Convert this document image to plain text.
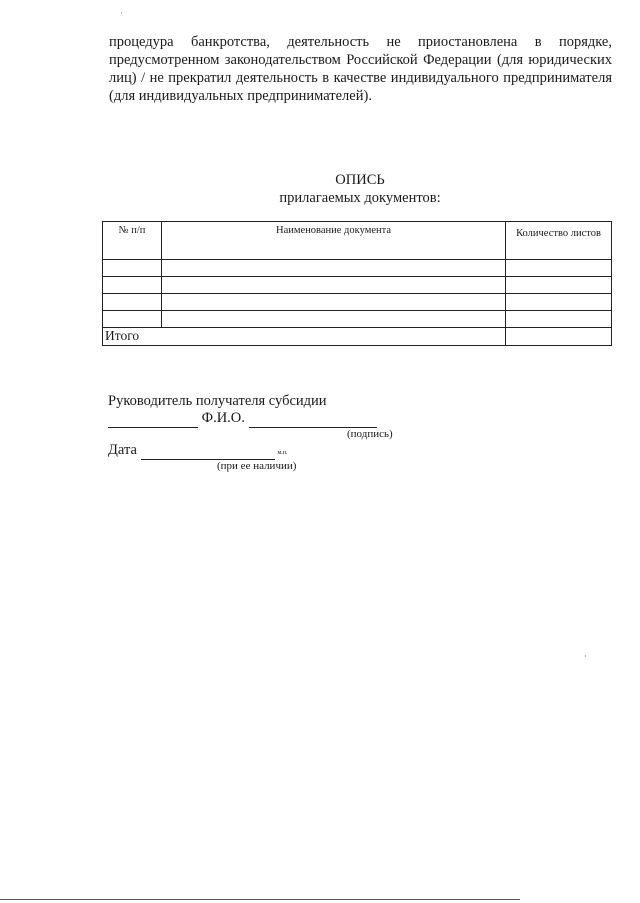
процедура банкротства, деятельность не приостановлена в порядке, предусмотренном законодательством Российской Федерации (для юридических лиц) / не прекратил деятельность в качестве индивидуального предпринимателя (для индивидуальных предпринимателей).
ОПИСЬ
прилагаемых документов:
№ п/п	Наименование документа	Количество листов

Итого		
Руководитель получателя субсидии
Ф.И.О.
(подпись)
Дата	м.п.
(при ее наличии)
